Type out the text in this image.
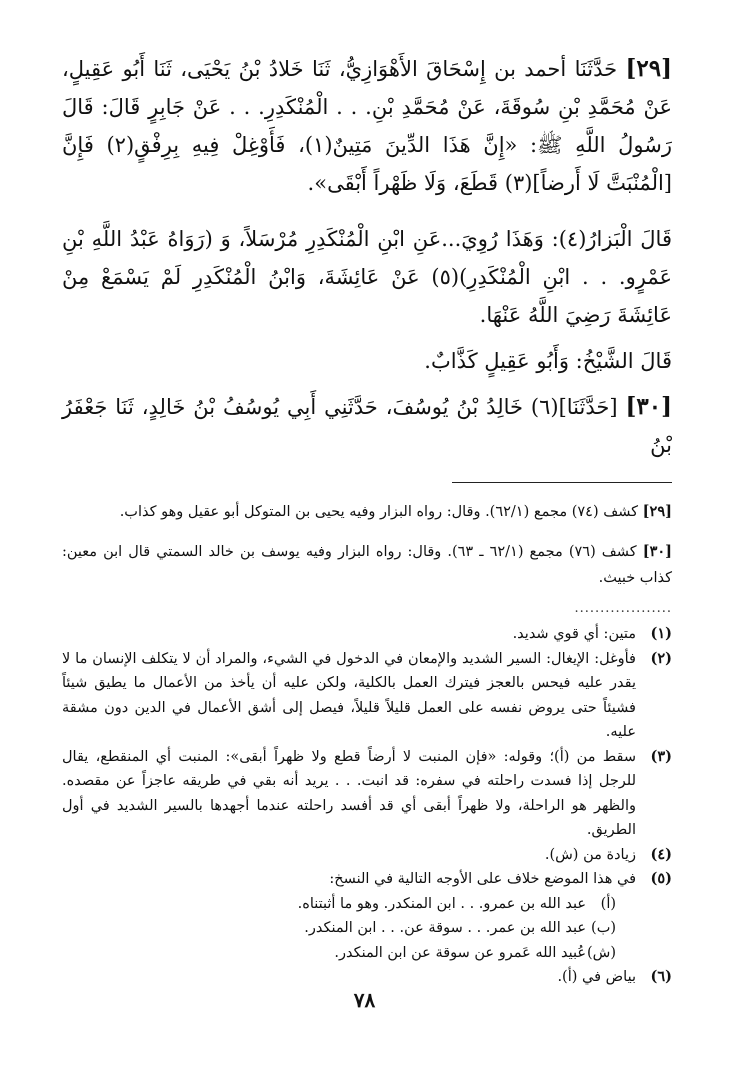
[٢٩] حَدَّثَنَا أحمد بن إِسْحَاقَ الأَهْوَازِيُّ، ثَنَا خَلادُ بْنُ يَحْيَى، ثَنَا أَبُو عَقِيلٍ، عَنْ مُحَمَّدِ بْنِ سُوقَةَ، عَنْ مُحَمَّدِ بْنِ. . . الْمُنْكَدِرِ. . . عَنْ جَابِرٍ قَالَ: قَالَ رَسُولُ اللَّهِ ﷺ: «إِنَّ هَذَا الدِّينَ مَتِينٌ(١)، فَأَوْغِلْ فِيهِ بِرِفْقٍ(٢) فَإِنَّ [الْمُنْبَتَّ لَا أَرضاً](٣) قَطَعَ، وَلَا ظَهْراً أَبْقَى».

قَالَ الْبَزارُ(٤): وَهَذَا رُوِيَ...عَنِ ابْنِ الْمُنْكَدِرِ مُرْسَلاً، وَ (رَوَاهُ عَبْدُ اللَّهِ بْنِ عَمْرٍو. . . ابْنِ الْمُنْكَدِرِ)(٥) عَنْ عَائِشَةَ، وَابْنُ الْمُنْكَدِرِ لَمْ يَسْمَعْ مِنْ عَائِشَةَ رَضِيَ اللَّهُ عَنْهَا.

قَالَ الشَّيْخُ: وَأَبُو عَقِيلٍ كَذَّابٌ.

[٣٠] [حَدَّثَنَا](٦) خَالِدُ بْنُ يُوسُفَ، حَدَّثَنِي أَبِي يُوسُفُ بْنُ خَالِدٍ، ثَنَا جَعْفَرُ بْنُ

[٢٩] كشف (٧٤) مجمع (٦٢/١). وقال: رواه البزار وفيه يحيى بن المتوكل أبو عقيل وهو كذاب.

[٣٠] كشف (٧٦) مجمع (٦٢/١ ـ ٦٣). وقال: رواه البزار وفيه يوسف بن خالد السمتي قال ابن معين: كذاب خبيث.

...................
(١)
متين: أي قوي شديد.
(٢)
فأوغل: الإيغال: السير الشديد والإمعان في الدخول في الشيء، والمراد أن لا يتكلف الإنسان ما لا يقدر عليه فيحس بالعجز فيترك العمل بالكلية، ولكن عليه أن يأخذ من الأعمال ما يطيق شيئاً فشيئاً حتى يروض نفسه على العمل قليلاً قليلاً، فيصل إلى أشق الأعمال في الدين دون مشقة عليه.
(٣)
سقط من (أ)؛ وقوله: «فإن المنبت لا أرضاً قطع ولا ظهراً أبقى»: المنبت أي المنقطع، يقال للرجل إذا فسدت راحلته في سفره: قد انبت. . . يريد أنه بقي في طريقه عاجزاً عن مقصده. والظهر هو الراحلة، ولا ظهراً أبقى أي قد أفسد راحلته عندما أجهدها بالسير الشديد في أول الطريق.
(٤)
زيادة من (ش).
(٥)
في هذا الموضع خلاف على الأوجه التالية في النسخ:
(أ)
عبد الله بن عمرو. . . ابن المنكدر. وهو ما أثبتناه.
(ب)
عبد الله بن عمر. . . سوقة عن. . . ابن المنكدر.
(ش)
عُبيد الله عَمرو عن سوقة عن ابن المنكدر.
(٦)
بياض في (أ).
٧٨
